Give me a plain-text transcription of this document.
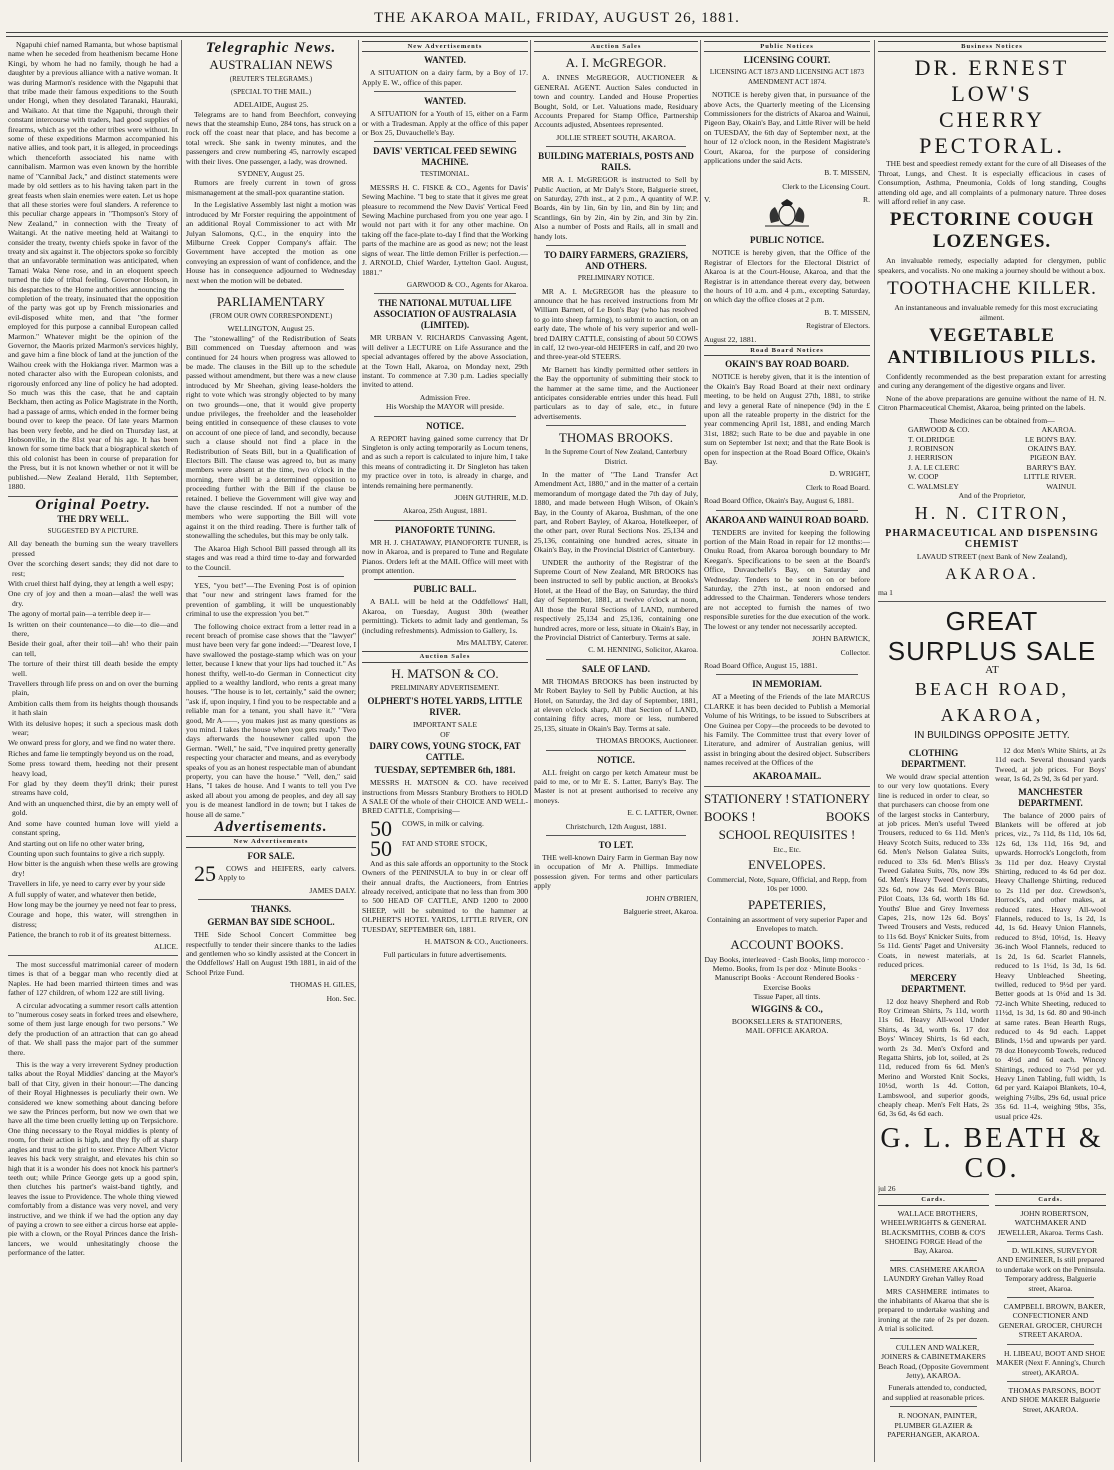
THE AKAROA MAIL, FRIDAY, AUGUST 26, 1881.

Ngapuhi chief named Ramanta, but whose baptismal name when he seceded from heathenism became Hone Kingi, by whom he had no family, though he had a daughter by a previous alliance with a native woman. It was during Marmon's residence with the Ngapuhi that that tribe made their famous expeditions to the South under Hongi, when they desolated Taranaki, Hauraki, and Waikato. At that time the Ngapuhi, through their constant intercourse with traders, had good supplies of firearms, which as yet the other tribes were without. In some of these expeditions Marmon accompanied his native allies, and took part, it is alleged, in proceedings which thenceforth associated his name with cannibalism. Marmon was even known by the horrible name of "Cannibal Jack," and distinct statements were made by old settlers as to his having taken part in the great feasts when slain enemies were eaten. Let us hope that all these stories were foul slanders. A reference to this peculiar charge appears in "Thompson's Story of New Zealand," in connection with the Treaty of Waitangi. At the native meeting held at Waitangi to consider the treaty, twenty chiefs spoke in favor of the treaty and six against it. The objectors spoke so forcibly that an unfavorable termination was anticipated, when Tamati Waka Nene rose, and in an eloquent speech turned the tide of tribal feeling. Governor Hobson, in his despatches to the Home authorities announcing the completion of the treaty, insinuated that the opposition of the party was got up by French missionaries and evil-disposed white men, and that "the former employed for this purpose a cannibal European called Marmon." Whatever might be the opinion of the Governor, the Maoris prized Marmon's services highly, and gave him a fine block of land at the junction of the Waihou creek with the Hokianga river. Marmon was a noted character also with the European colonists, and rigorously enforced any line of policy he had adopted. So much was this the case, that he and captain Beckham, then acting as Police Magistrate in the North, had a passage of arms, which ended in the former being bound over to keep the peace. Of late years Marmon has been very feeble, and he died on Thursday last, at Hobsonville, in the 81st year of his age. It has been known for some time back that a biographical sketch of this old colonist has been in course of preparation for the Press, but it is not known whether or not it will be published.—New Zealand Herald, 11th September, 1880.

Original Poetry.
THE DRY WELL.
SUGGESTED BY A PICTURE.

All day beneath the burning sun the weary travellers pressed

Over the scorching desert sands; they did not dare to rest;

With cruel thirst half dying, they at length a well espy;

One cry of joy and then a moan—alas! the well was dry.

The agony of mortal pain—a terrible deep ir—

Is written on their countenance—to die—to die—and there,

Beside their goal, after their toil—ah! who their pain can tell,

The torture of their thirst till death beside the empty well.

Travellers through life press on and on over the burning plain,

Ambition calls them from its heights though thousands it hath slain

With its delusive hopes; it such a specious mask doth wear;

We onward press for glory, and we find no water there.

Riches and fame lie temptingly beyond us on the road,

Some press toward them, heeding not their present heavy load,

For glad by they deem they'll drink; their purest streams have cold,

And with an unquenched thirst, die by an empty well of gold.

And some have counted human love will yield a constant spring,

And starting out on life no other water bring,

Counting upon such fountains to give a rich supply.

How bitter is the anguish when these wells are growing dry!

Travellers in life, ye need to carry ever by your side

A full supply of water, and whatever then betide,

How long may be the journey ye need not fear to press,

Courage and hope, this water, will strengthen in distress;

Patience, the branch to rob it of its greatest bitterness.

ALICE.

The most successful matrimonial career of modern times is that of a beggar man who recently died at Naples. He had been married thirteen times and was father of 127 children, of whom 122 are still living.

A circular advocating a summer resort calls attention to "numerous cosey seats in forked trees and elsewhere, some of them just large enough for two persons." We defy the production of an attraction that can go ahead of that. We shall pass the major part of the summer there.

This is the way a very irreverent Sydney production talks about the Royal Middies' dancing at the Mayor's ball of that City, given in their honour:—The dancing of their Royal Highnesses is peculiarly their own. We considered we knew something about dancing before we saw the Princes perform, but now we own that we have all the time been cruelly letting up on Terpsichore. One thing necessary to the Royal middies is plenty of room, for their action is high, and they fly off at sharp angles and trust to the girl to steer. Prince Albert Victor leaves his back very straight, and elevates his chin so high that it is a wonder his does not knock his partner's teeth out; while Prince George gets up a good spin, then clutches his partner's waist-band tightly, and leaves the issue to Providence. The whole thing viewed comfortably from a distance was very novel, and very instructive, and we think if we had the option any day of paying a crown to see either a circus horse eat apple-pie with a clown, or the Royal Princes dance the Irish-lancers, we would unhesitatingly choose the performance of the latter.

Telegraphic News.
AUSTRALIAN NEWS
(REUTER'S TELEGRAMS.)
(SPECIAL TO THE MAIL.)
ADELAIDE, August 25.

Telegrams are to hand from Beechfort, conveying news that the steamship Euno, 284 tons, has struck on a rock off the coast near that place, and has become a total wreck. She sank in twenty minutes, and the passengers and crew numbering 45, narrowly escaped with their lives. One passenger, a lady, was drowned.

SYDNEY, August 25.

Rumors are freely current in town of gross mismanagement at the small-pox quarantine station.

In the Legislative Assembly last night a motion was introduced by Mr Forster requiring the appointment of an additional Royal Commissioner to act with Mr Julyan Salomons, Q.C., in the enquiry into the Milburne Creek Copper Company's affair. The Government have accepted the motion as one conveying an expression of want of confidence, and the House has in consequence adjourned to Wednesday next when the motion will be debated.

PARLIAMENTARY
(FROM OUR OWN CORRESPONDENT.)
WELLINGTON, August 25.

The "stonewalling" of the Redistribution of Seats Bill commenced on Tuesday afternoon and was continued for 24 hours when progress was allowed to be made. The clauses in the Bill up to the schedule passed without amendment, but there was a new clause introduced by Mr Sheehan, giving lease-holders the right to vote which was strongly objected to by many on two grounds—one, that it would give property undue privileges, the freeholder and the leaseholder being entitled in consequence of these clauses to vote on account of one piece of land, and secondly, because such a clause should not find a place in the Redistribution of Seats Bill, but in a Qualification of Electors Bill. The clause was agreed to, but as many members were absent at the time, two o'clock in the morning, there will be a determined opposition to proceeding further with the Bill if the clause be retained. I believe the Government will give way and have the clause rescinded. If not a number of the members who were supporting the Bill will vote against it on the third reading. There is further talk of stonewalling the schedules, but this may be only talk.

The Akaroa High School Bill passed through all its stages and was read a third time to-day and forwarded to the Council.

YES, "you bet!"—The Evening Post is of opinion that "our new and stringent laws framed for the prevention of gambling, it will be unquestionably criminal to use the expression 'you bet.'"

The following choice extract from a letter read in a recent breach of promise case shows that the "lawyer" must have been very far gone indeed:—"Dearest love, I have swallowed the postage-stamp which was on your letter, because I knew that your lips had touched it." As honest thrifty, well-to-do German in Connecticut city applied to a wealthy landlord, who rents a great many houses. "The house is to let, certainly," said the owner; "ask if, upon inquiry, I find you to be respectable and a reliable man for a tenant, you shall have it." "Vera good, Mr A——, you makes just as many questions as you mind. I takes the house when you gets ready." Two days afterwards the housewner called upon the German. "Well," he said, "I've inquired pretty generally respecting your character and means, and as everybody speaks of you as an honest respectable man of abundant property, you can have the house." "Vell, den," said Hans, "I takes de house. And I wants to tell you I've asked all about you among de peoples, and dey all say you is de meanest landlord in de town; but I takes de house all de same."

Advertisements.
New Advertisements
FOR SALE.

25 COWS and HEIFERS, early calvers. Apply to

JAMES DALY.
THANKS.
GERMAN BAY SIDE SCHOOL.

THE Side School Concert Committee beg respectfully to tender their sincere thanks to the ladies and gentlemen who so kindly assisted at the Concert in the Oddfellows' Hall on August 19th 1881, in aid of the School Prize Fund.

THOMAS H. GILES,
Hon. Sec.
New Advertisements
WANTED.

A SITUATION on a dairy farm, by a Boy of 17. Apply E. W., office of this paper.

WANTED.

A SITUATION for a Youth of 15, either on a Farm or with a Tradesman. Apply at the office of this paper or Box 25, Duvauchelle's Bay.

DAVIS' VERTICAL FEED SEWING MACHINE.
TESTIMONIAL.

MESSRS H. C. FISKE & CO., Agents for Davis' Sewing Machine. "I beg to state that it gives me great pleasure to recommend the New Davis' Vertical Feed Sewing Machine purchased from you one year ago. I would not part with it for any other machine. On taking off the face-plate to-day I find that the Working parts of the machine are as good as new; not the least signs of wear. The little demon Friller is perfection.—J. ARNOLD, Chief Warder, Lyttelton Gaol. August, 1881."

GARWOOD & CO., Agents for Akaroa.
THE NATIONAL MUTUAL LIFE ASSOCIATION OF AUSTRALASIA (LIMITED).

MR URBAN V. RICHARDS Canvassing Agent, will deliver a LECTURE on Life Assurance and the special advantages offered by the above Association, at the Town Hall, Akaroa, on Monday next, 29th instant. To commence at 7.30 p.m. Ladies specially invited to attend.

Admission Free.
His Worship the MAYOR will preside.
NOTICE.

A REPORT having gained some currency that Dr Singleton is only acting temporarily as Locum tenens, and as such a report is calculated to injure him, I take this means of contradicting it. Dr Singleton has taken my practice over in toto, is already in charge, and intends remaining here permanently.

JOHN GUTHRIE, M.D.
Akaroa, 25th August, 1881.
PIANOFORTE TUNING.

MR H. J. CHATAWAY, PIANOFORTE TUNER, is now in Akaroa, and is prepared to Tune and Regulate Pianos. Orders left at the MAIL Office will meet with prompt attention.

PUBLIC BALL.

A BALL will be held at the Oddfellows' Hall, Akaroa, on Tuesday, August 30th (weather permitting). Tickets to admit lady and gentleman, 5s (including refreshments). Admission to Gallery, 1s.

Mrs MALTBY, Caterer.
Auction Sales
H. MATSON & CO.
PRELIMINARY ADVERTISEMENT.
OLPHERT'S HOTEL YARDS, LITTLE RIVER.
IMPORTANT SALE
OF
DAIRY COWS, YOUNG STOCK, FAT CATTLE.
TUESDAY, SEPTEMBER 6th, 1881.

MESSRS H. MATSON & CO. have received instructions from Messrs Stanbury Brothers to HOLD A SALE Of the whole of their CHOICE AND WELL-BRED CATTLE, Comprising—

50 COWS, in milk or calving.

50 FAT AND STORE STOCK,

And as this sale affords an opportunity to the Stock Owners of the PENINSULA to buy in or clear off their annual drafts, the Auctioneers, from Entries already received, anticipate that no less than from 300 to 500 HEAD OF CATTLE, AND 1200 to 2000 SHEEP, will be submitted to the hammer at OLPHERT'S HOTEL YARDS, LITTLE RIVER, ON TUESDAY, SEPTEMBER 6th, 1881.

H. MATSON & CO., Auctioneers.
Full particulars in future advertisements.
Auction Sales
A. I. McGREGOR.

A. INNES McGREGOR, AUCTIONEER & GENERAL AGENT. Auction Sales conducted in town and country. Landed and House Properties Bought, Sold, or Let. Valuations made, Residuary Accounts Prepared for Stamp Office, Partnership Accounts adjusted, Absentees represented.

JOLLIE STREET SOUTH, AKAROA.
BUILDING MATERIALS, POSTS AND RAILS.

MR A. I. McGREGOR is instructed to Sell by Public Auction, at Mr Daly's Store, Balguerie street, on Saturday, 27th inst., at 2 p.m., A quantity of W.P. Boards, 4in by 1in, 6in by 1in, and 8in by 1in; and Scantlings, 6in by 2in, 4in by 2in, and 3in by 2in. Also a number of Posts and Rails, all in small and handy lots.

TO DAIRY FARMERS, GRAZIERS, AND OTHERS.
PRELIMINARY NOTICE.

MR A. I. McGREGOR has the pleasure to announce that he has received instructions from Mr William Barnett, of Le Bon's Bay (who has resolved to go into sheep farming), to submit to auction, on an early date, The whole of his very superior and well-bred DAIRY CATTLE, consisting of about 50 COWS in calf, 12 two-year-old HEIFERS in calf, and 20 two and three-year-old STEERS.

Mr Barnett has kindly permitted other settlers in the Bay the opportunity of submitting their stock to the hammer at the same time, and the Auctioneer anticipates considerable entries under this head. Full particulars as to day of sale, etc., in future advertisements.

THOMAS BROOKS.
In the Supreme Court of New Zealand, Canterbury District.

In the matter of "The Land Transfer Act Amendment Act, 1880," and in the matter of a certain memorandum of mortgage dated the 7th day of July, 1880, and made between Hugh Wilson, of Okain's Bay, in the County of Akaroa, Bushman, of the one part, and Robert Bayley, of Akaroa, Hotelkeeper, of the other part, over Rural Sections Nos. 25,134 and 25,136, containing one hundred acres, situate in Okain's Bay, in the Provincial District of Canterbury.

UNDER the authority of the Registrar of the Supreme Court of New Zealand, MR BROOKS has been instructed to sell by public auction, at Brooks's Hotel, at the Head of the Bay, on Saturday, the third day of September, 1881, at twelve o'clock at noon, All those the Rural Sections of LAND, numbered respectively 25,134 and 25,136, containing one hundred acres, more or less, situate in Okain's Bay, in the Provincial District of Canterbury. Terms at sale.

C. M. HENNING, Solicitor, Akaroa.
SALE OF LAND.

MR THOMAS BROOKS has been instructed by Mr Robert Bayley to Sell by Public Auction, at his Hotel, on Saturday, the 3rd day of September, 1881, at eleven o'clock sharp, All that Section of LAND, containing fifty acres, more or less, numbered 25,135, situate in Okain's Bay. Terms at sale.

THOMAS BROOKS, Auctioneer.
NOTICE.

ALL freight on cargo per ketch Amateur must be paid to me, or to Mr E. S. Latter, Barry's Bay. The Master is not at present authorised to receive any moneys.

E. C. LATTER, Owner.
Christchurch, 12th August, 1881.
TO LET.

THE well-known Dairy Farm in German Bay now in occupation of Mr A. Phillips. Immediate possession given. For terms and other particulars apply

JOHN O'BRIEN,
Balguerie street, Akaroa.
Public Notices
LICENSING COURT.
LICENSING ACT 1873 AND LICENSING ACT 1873 AMENDMENT ACT 1874.

NOTICE is hereby given that, in pursuance of the above Acts, the Quarterly meeting of the Licensing Commissioners for the districts of Akaroa and Wainui, Pigeon Bay, Okain's Bay, and Little River will be held on TUESDAY, the 6th day of September next, at the hour of 12 o'clock noon, in the Resident Magistrate's Court, Akaroa, for the purpose of considering applications under the said Acts.

B. T. MISSEN,
Clerk to the Licensing Court.
V.	R.
PUBLIC NOTICE.

NOTICE is hereby given, that the Office of the Registrar of Electors for the Electoral District of Akaroa is at the Court-House, Akaroa, and that the Registrar is in attendance thereat every day, between the hours of 10 a.m. and 4 p.m., excepting Saturday, on which day the office closes at 2 p.m.

B. T. MISSEN,
Registrar of Electors.
August 22, 1881.
Road Board Notices
OKAIN'S BAY ROAD BOARD.

NOTICE is hereby given, that it is the intention of the Okain's Bay Road Board at their next ordinary meeting, to be held on August 27th, 1881, to strike and levy a general Rate of ninepence (9d) in the £ upon all the rateable property in the district for the year commencing April 1st, 1881, and ending March 31st, 1882; such Rate to be due and payable in one sum on September 1st next; and that the Rate Book is open for inspection at the Road Board Office, Okain's Bay.

D. WRIGHT,
Clerk to Road Board.
Road Board Office, Okain's Bay, August 6, 1881.
AKAROA AND WAINUI ROAD BOARD.

TENDERS are invited for keeping the following portion of the Main Road in repair for 12 months:— Onuku Road, from Akaroa borough boundary to Mr Keegan's. Specifications to be seen at the Board's Office, Duvauchelle's Bay, on Saturday and Wednesday. Tenders to be sent in on or before Saturday, the 27th inst., at noon endorsed and addressed to the Chairman. Tenderers whose tenders are not accepted to furnish the names of two responsible sureties for the due execution of the work. The lowest or any tender not necessarily accepted.

JOHN BARWICK,
Collector.
Road Board Office, August 15, 1881.
IN MEMORIAM.

AT a Meeting of the Friends of the late MARCUS CLARKE it has been decided to Publish a Memorial Volume of his Writings, to be issued to Subscribers at One Guinea per Copy—the proceeds to be devoted to his Family. The Committee trust that every lover of Literature, and admirer of Australian genius, will assist in bringing about the desired object. Subscribers names received at the Offices of the

AKAROA MAIL.
STATIONERY ! STATIONERY
BOOKS !	BOOKS
SCHOOL REQUISITES !
Etc., Etc.
ENVELOPES.
Commercial, Note, Square, Official, and Repp, from 10s per 1000.
PAPETERIES,
Containing an assortment of very superior Paper and Envelopes to match.
ACCOUNT BOOKS.
Day Books, interleaved · Cash Books, limp morocco · Memo. Books, from 1s per doz · Minute Books · Manuscript Books · Account Rendered Books · Exercise Books
Tissue Paper, all tints.
WIGGINS & CO.,
BOOKSELLERS & STATIONERS,
MAIL OFFICE AKAROA.
Business Notices
DR. ERNEST LOW'S
CHERRY PECTORAL.

THE best and speediest remedy extant for the cure of all Diseases of the Throat, Lungs, and Chest. It is especially efficacious in cases of Consumption, Asthma, Pneumonia, Colds of long standing, Coughs attending old age, and all complaints of a pulmonary nature. Three doses will afford relief in any case.

PECTORINE COUGH LOZENGES.

An invaluable remedy, especially adapted for clergymen, public speakers, and vocalists. No one making a journey should be without a box.

TOOTHACHE KILLER.

An instantaneous and invaluable remedy for this most excruciating ailment.

VEGETABLE ANTIBILIOUS PILLS.

Confidently recommended as the best preparation extant for arresting and curing any derangement of the digestive organs and liver.

None of the above preparations are genuine without the name of H. N. Citron Pharmaceutical Chemist, Akaroa, being printed on the labels.

These Medicines can be obtained from—
GARWOOD & CO.	AKAROA.
T. OLDRIDGE	LE BON'S BAY.
J. ROBINSON	OKAIN'S BAY.
J. HERRISON	PIGEON BAY.
J. A. LE CLERC	BARRY'S BAY.
W. COOP	LITTLE RIVER.
C. WALMSLEY	WAINUI.
And of the Proprietor,
H. N. CITRON,
PHARMACEUTICAL AND DISPENSING CHEMIST
LAVAUD STREET (next Bank of New Zealand),
AKAROA.
ma 1
GREAT SURPLUS SALE
AT
BEACH ROAD, AKAROA,
IN BUILDINGS OPPOSITE JETTY.
CLOTHING DEPARTMENT.

We would draw special attention to our very low quotations. Every line is reduced in order to clear, so that purchasers can choose from one of the largest stocks in Canterbury, at job prices. Men's useful Tweed Trousers, reduced to 6s 11d. Men's Heavy Scotch Suits, reduced to 33s 6d. Men's Nelson Galatea Suits, reduced to 33s 6d. Men's Bliss's Tweed Galatea Suits, 70s, now 39s 6d. Men's Heavy Tweed Overcoats, 32s 6d, now 24s 6d. Men's Blue Pilot Coats, 13s 6d, worth 18s 6d. Youths' Blue and Grey Inverness Capes, 21s, now 12s 6d. Boys' Tweed Trousers and Vests, reduced to 11s 6d. Boys' Knicker Suits, from 5s 11d. Gents' Paget and University Coats, in newest materials, at reduced prices.

MERCERY DEPARTMENT.

12 doz heavy Shepherd and Rob Roy Crimean Shirts, 7s 11d, worth 11s 6d. Heavy All-wool Under Shirts, 4s 3d, worth 6s. 17 doz Boys' Wincey Shirts, 1s 6d each, worth 2s 3d. Men's Oxford and Regatta Shirts, job lot, soiled, at 2s 11d, reduced from 6s 6d. Men's Merino and Worsted Knit Socks, 10½d, worth 1s 4d. Cotton, Lambswool, and superior goods, cheaply cheap. Men's Felt Hats, 2s 6d, 3s 6d, 4s 6d each.

12 doz Men's White Shirts, at 2s 11d each. Several thousand yards Tweed, at job prices. For Boys' wear, 1s 6d, 2s 9d, 3s 6d per yard.

MANCHESTER DEPARTMENT.

The balance of 2000 pairs of Blankets will be offered at job prices, viz., 7s 11d, 8s 11d, 10s 6d, 12s 6d, 13s 11d, 16s 9d, and upwards. Horrock's Longcloth, from 3s 11d per doz. Heavy Crystal Shirting, reduced to 4s 6d per doz. Heavy Challenge Shirting, reduced to 2s 11d per doz. Crewdson's, Horrock's, and other makes, at reduced rates. Heavy All-wool Flannels, reduced to 1s, 1s 2d, 1s 4d, 1s 6d. Heavy Union Flannels, reduced to 8½d, 10½d, 1s. Heavy 36-inch Wool Flannels, reduced to 1s 2d, 1s 6d. Scarlet Flannels, reduced to 1s 1½d, 1s 3d, 1s 6d. Heavy Unbleached Sheeting, twilled, reduced to 9½d per yard. Better goods at 1s 0½d and 1s 3d. 72-inch White Sheeting, reduced to 11½d, 1s 3d, 1s 6d. 80 and 90-inch at same rates. Bean Hearth Rugs, reduced to 4s 9d each. Lappet Blinds, 1½d and upwards per yard. 78 doz Honeycomb Towels, reduced to 4½d and 6d each. Wincey Shirtings, reduced to 7½d per yd. Heavy Linen Tabling, full width, 1s 6d per yard. Kaiapoi Blankets, 10-4, weighing 7½lbs, 29s 6d, usual price 35s 6d. 11-4, weighing 9lbs, 35s, usual price 42s.

G. L. BEATH & CO.
jul 26
Cards.

WALLACE BROTHERS, WHEELWRIGHTS & GENERAL BLACKSMITHS, COBB & CO'S SHOEING FORGE Head of the Bay, Akaroa.

MRS. CASHMERE AKAROA LAUNDRY Grehan Valley Road

MRS CASHMERE intimates to the inhabitants of Akaroa that she is prepared to undertake washing and ironing at the rate of 2s per dozen. A trial is solicited.

CULLEN AND WALKER, JOINERS & CABINETMAKERS Beach Road, (Opposite Government Jetty), AKAROA.

Funerals attended to, conducted, and supplied at reasonable prices.

R. NOONAN, PAINTER, PLUMBER GLAZIER & PAPERHANGER, AKAROA.

Cards.

JOHN ROBERTSON, WATCHMAKER AND JEWELLER, Akaroa. Terms Cash.

D. WILKINS, SURVEYOR AND ENGINEER, Is still prepared to undertake work on the Peninsula. Temporary address, Balguerie street, Akaroa.

CAMPBELL BROWN, BAKER, CONFECTIONER AND GENERAL GROCER, CHURCH STREET AKAROA.

H. LIBEAU, BOOT AND SHOE MAKER (Next F. Anning's, Church street), AKAROA.

THOMAS PARSONS, BOOT AND SHOE MAKER Balguerie Street, AKAROA.
